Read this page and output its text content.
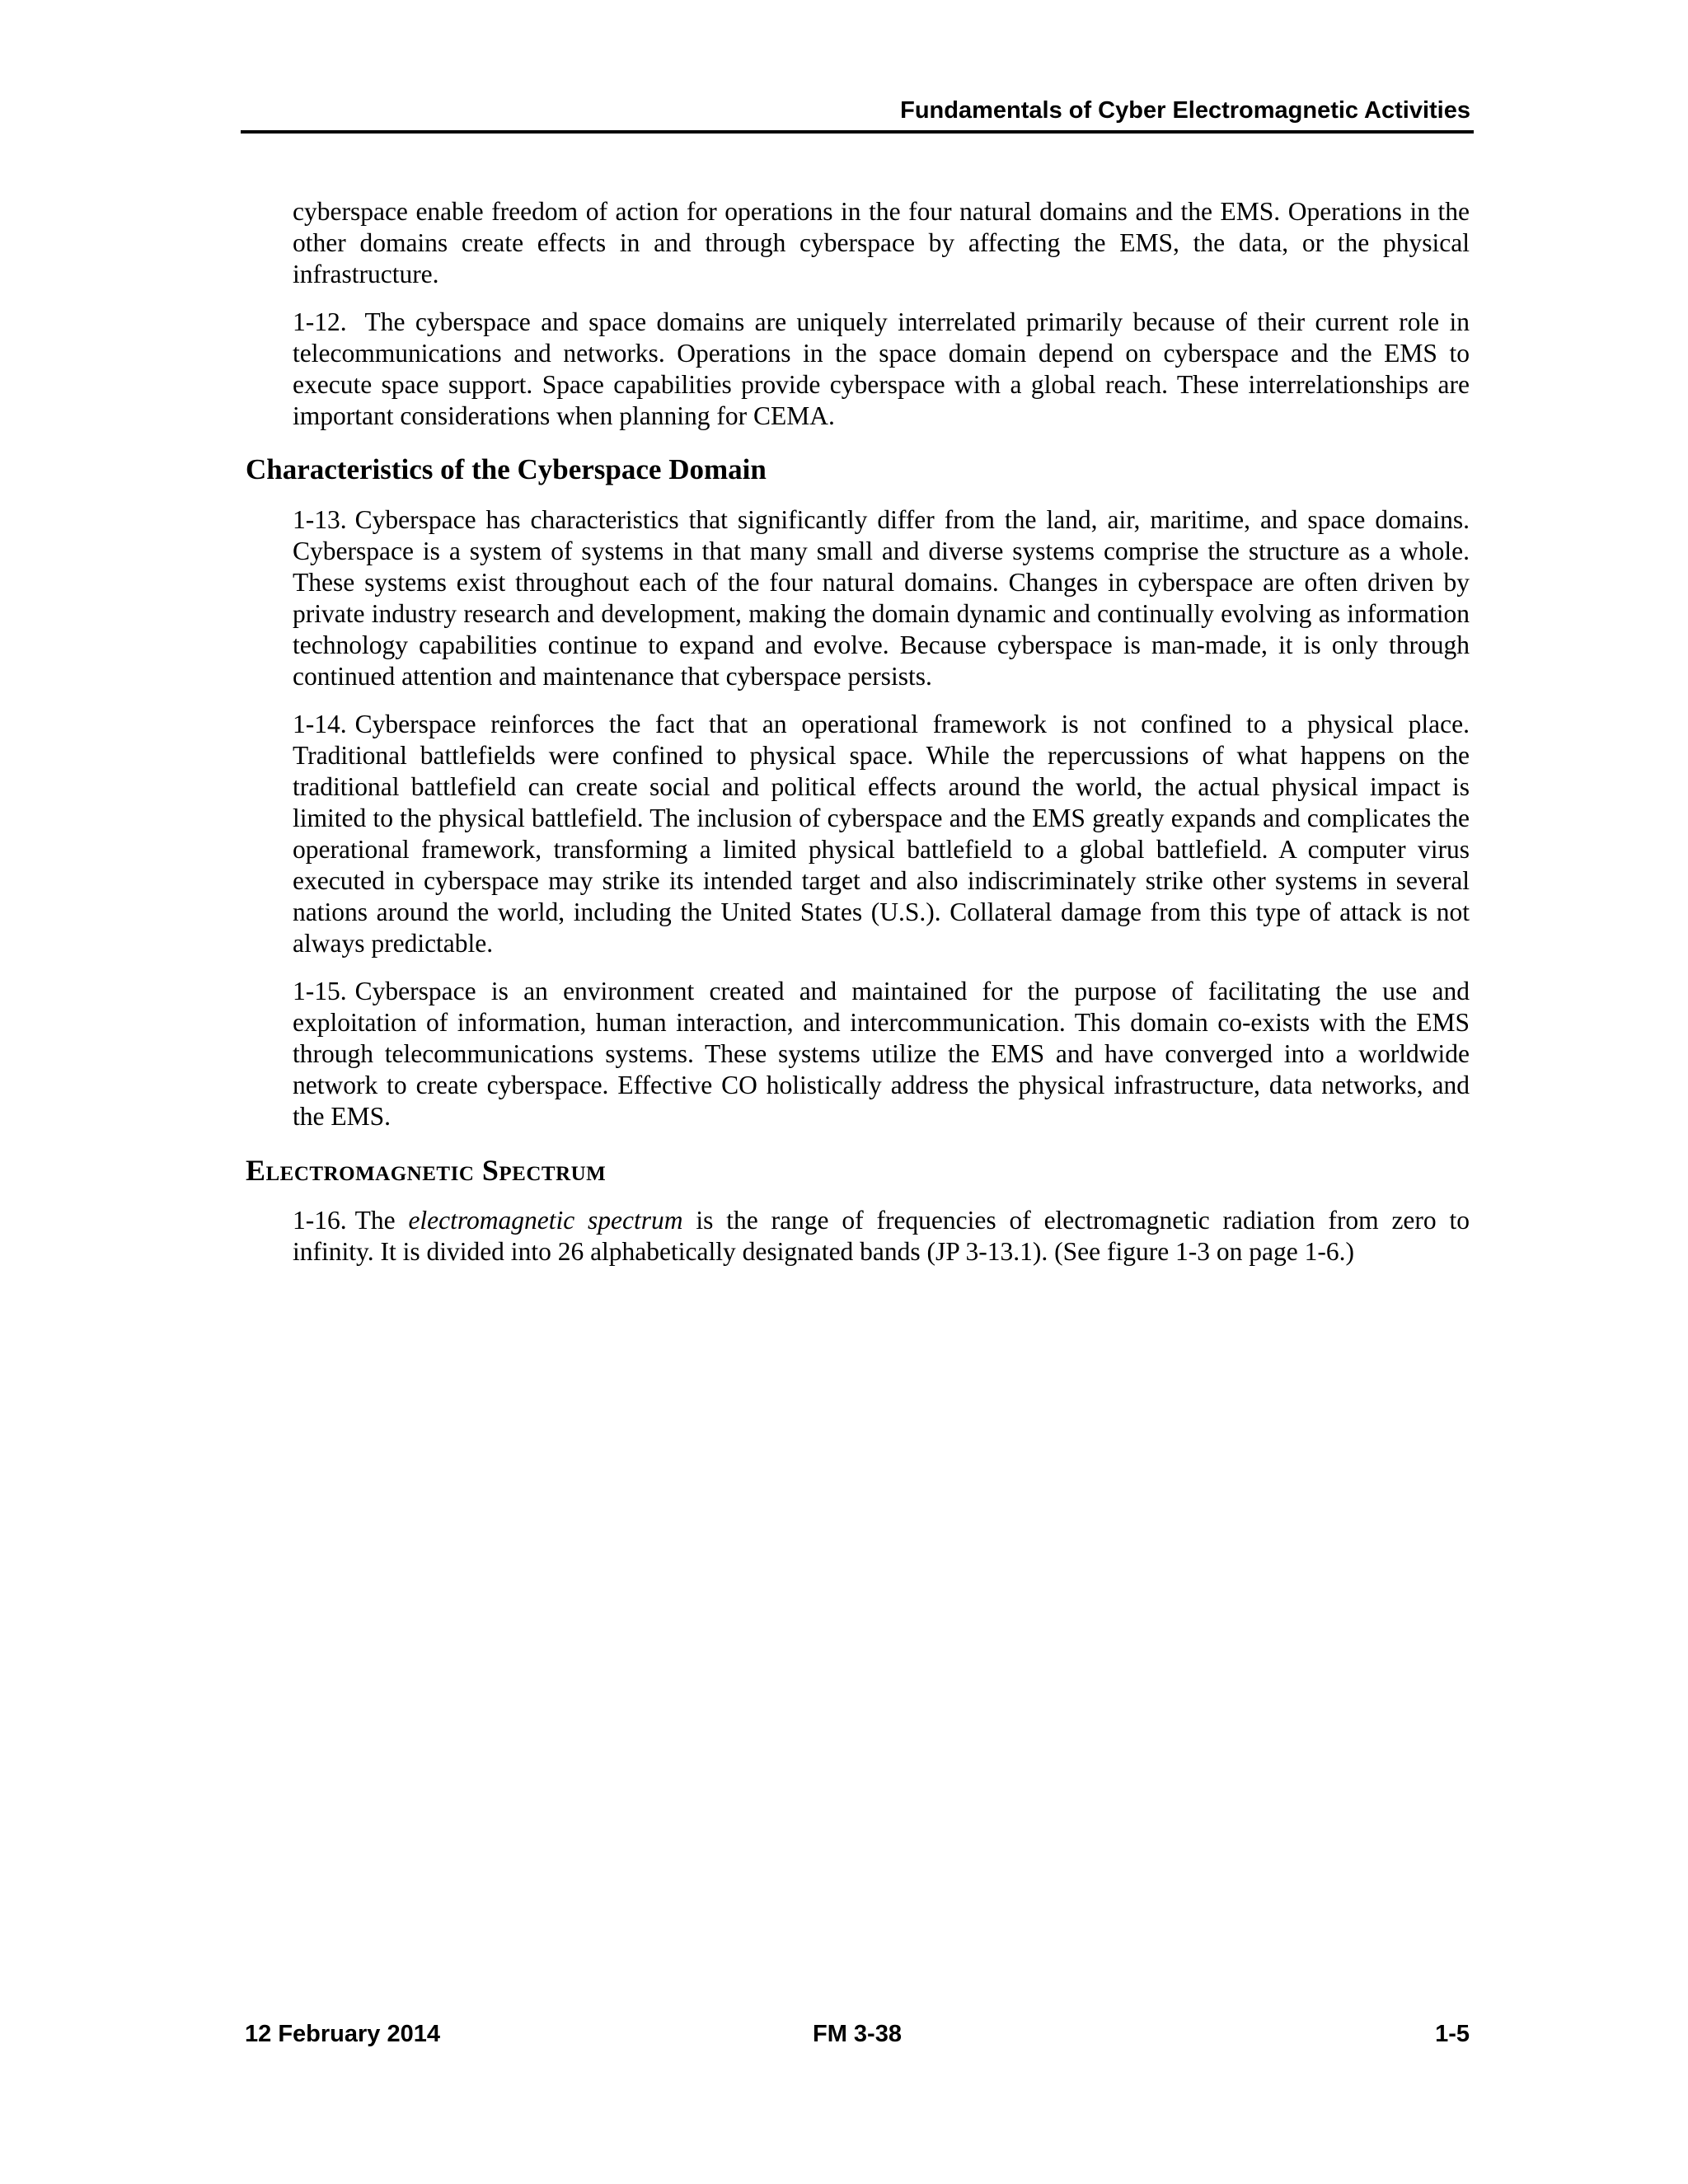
Fundamentals of Cyber Electromagnetic Activities

cyberspace enable freedom of action for operations in the four natural domains and the EMS. Operations in the other domains create effects in and through cyberspace by affecting the EMS, the data, or the physical infrastructure.

1-12. The cyberspace and space domains are uniquely interrelated primarily because of their current role in telecommunications and networks. Operations in the space domain depend on cyberspace and the EMS to execute space support. Space capabilities provide cyberspace with a global reach. These interrelationships are important considerations when planning for CEMA.

Characteristics of the Cyberspace Domain

1-13. Cyberspace has characteristics that significantly differ from the land, air, maritime, and space domains. Cyberspace is a system of systems in that many small and diverse systems comprise the structure as a whole. These systems exist throughout each of the four natural domains. Changes in cyberspace are often driven by private industry research and development, making the domain dynamic and continually evolving as information technology capabilities continue to expand and evolve. Because cyberspace is man-made, it is only through continued attention and maintenance that cyberspace persists.

1-14. Cyberspace reinforces the fact that an operational framework is not confined to a physical place. Traditional battlefields were confined to physical space. While the repercussions of what happens on the traditional battlefield can create social and political effects around the world, the actual physical impact is limited to the physical battlefield. The inclusion of cyberspace and the EMS greatly expands and complicates the operational framework, transforming a limited physical battlefield to a global battlefield. A computer virus executed in cyberspace may strike its intended target and also indiscriminately strike other systems in several nations around the world, including the United States (U.S.). Collateral damage from this type of attack is not always predictable.

1-15. Cyberspace is an environment created and maintained for the purpose of facilitating the use and exploitation of information, human interaction, and intercommunication. This domain co-exists with the EMS through telecommunications systems. These systems utilize the EMS and have converged into a worldwide network to create cyberspace. Effective CO holistically address the physical infrastructure, data networks, and the EMS.

Electromagnetic Spectrum

1-16. The electromagnetic spectrum is the range of frequencies of electromagnetic radiation from zero to infinity. It is divided into 26 alphabetically designated bands (JP 3-13.1). (See figure 1-3 on page 1-6.)

12 February 2014	FM 3-38	1-5
